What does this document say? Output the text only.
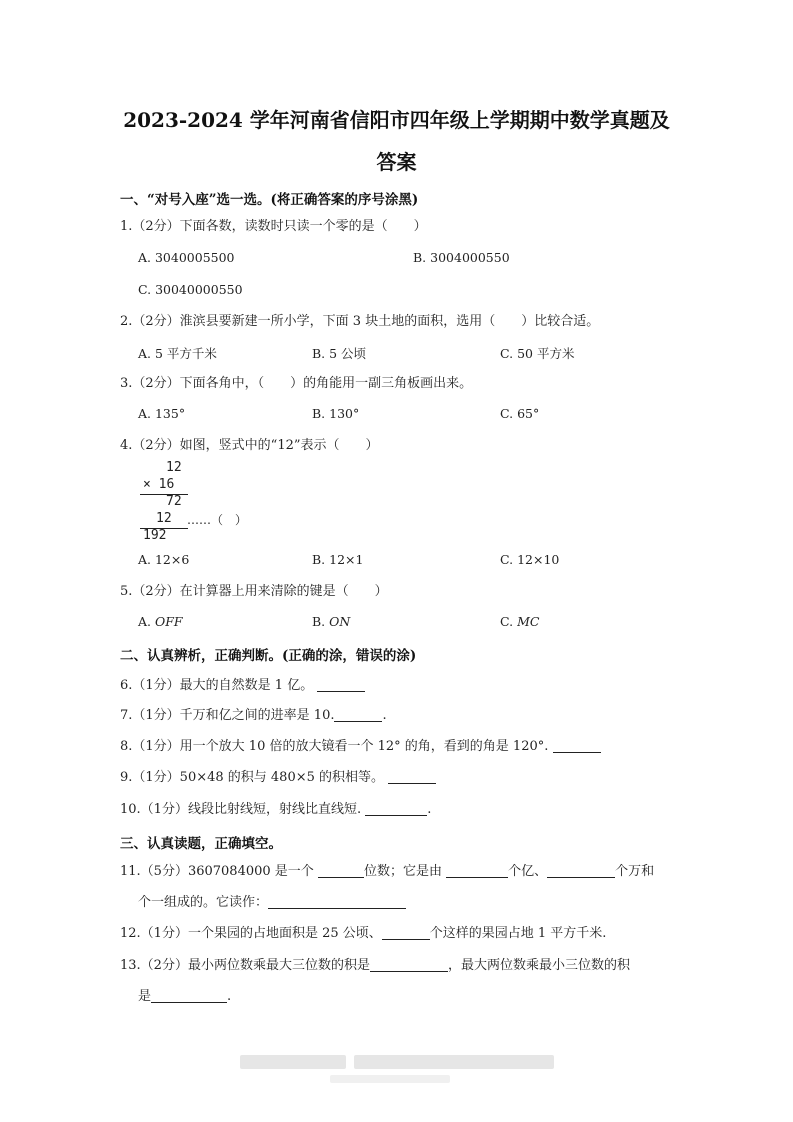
2023-2024 学年河南省信阳市四年级上学期期中数学真题及
答案
一、“对号入座”选一选。(将正确答案的序号涂黑)
1.（2分）下面各数，读数时只读一个零的是（　　）
A. 3040005500	B. 3004000550
C. 30040000550
2.（2分）淮滨县要新建一所小学，下面 3 块土地的面积，选用（　　）比较合适。
A. 5 平方千米	B. 5 公顷	C. 50 平方米
3.（2分）下面各角中，（　　）的角能用一副三角板画出来。
A. 135°	B. 130°	C. 65°
4.（2分）如图，竖式中的“12”表示（　　）
12
× 16
72
12 ……（　）
192
A. 12×6	B. 12×1	C. 12×10
5.（2分）在计算器上用来清除的键是（　　）
A. OFF	B. ON	C. MC
二、认真辨析，正确判断。(正确的涂，错误的涂)
6.（1分）最大的自然数是 1 亿。
7.（1分）千万和亿之间的进率是 10.	.
8.（1分）用一个放大 10 倍的放大镜看一个 12° 的角，看到的角是 120°.
9.（1分）50×48 的积与 480×5 的积相等。
10.（1分）线段比射线短，射线比直线短.	.
三、认真读题，正确填空。
11.（5分）3607084000 是一个	位数；它是由	个亿、	个万和
个一组成的。它读作：
12.（1分）一个果园的占地面积是 25 公顷、	个这样的果园占地 1 平方千米.
13.（2分）最小两位数乘最大三位数的积是	，最大两位数乘最小三位数的积
是	.
